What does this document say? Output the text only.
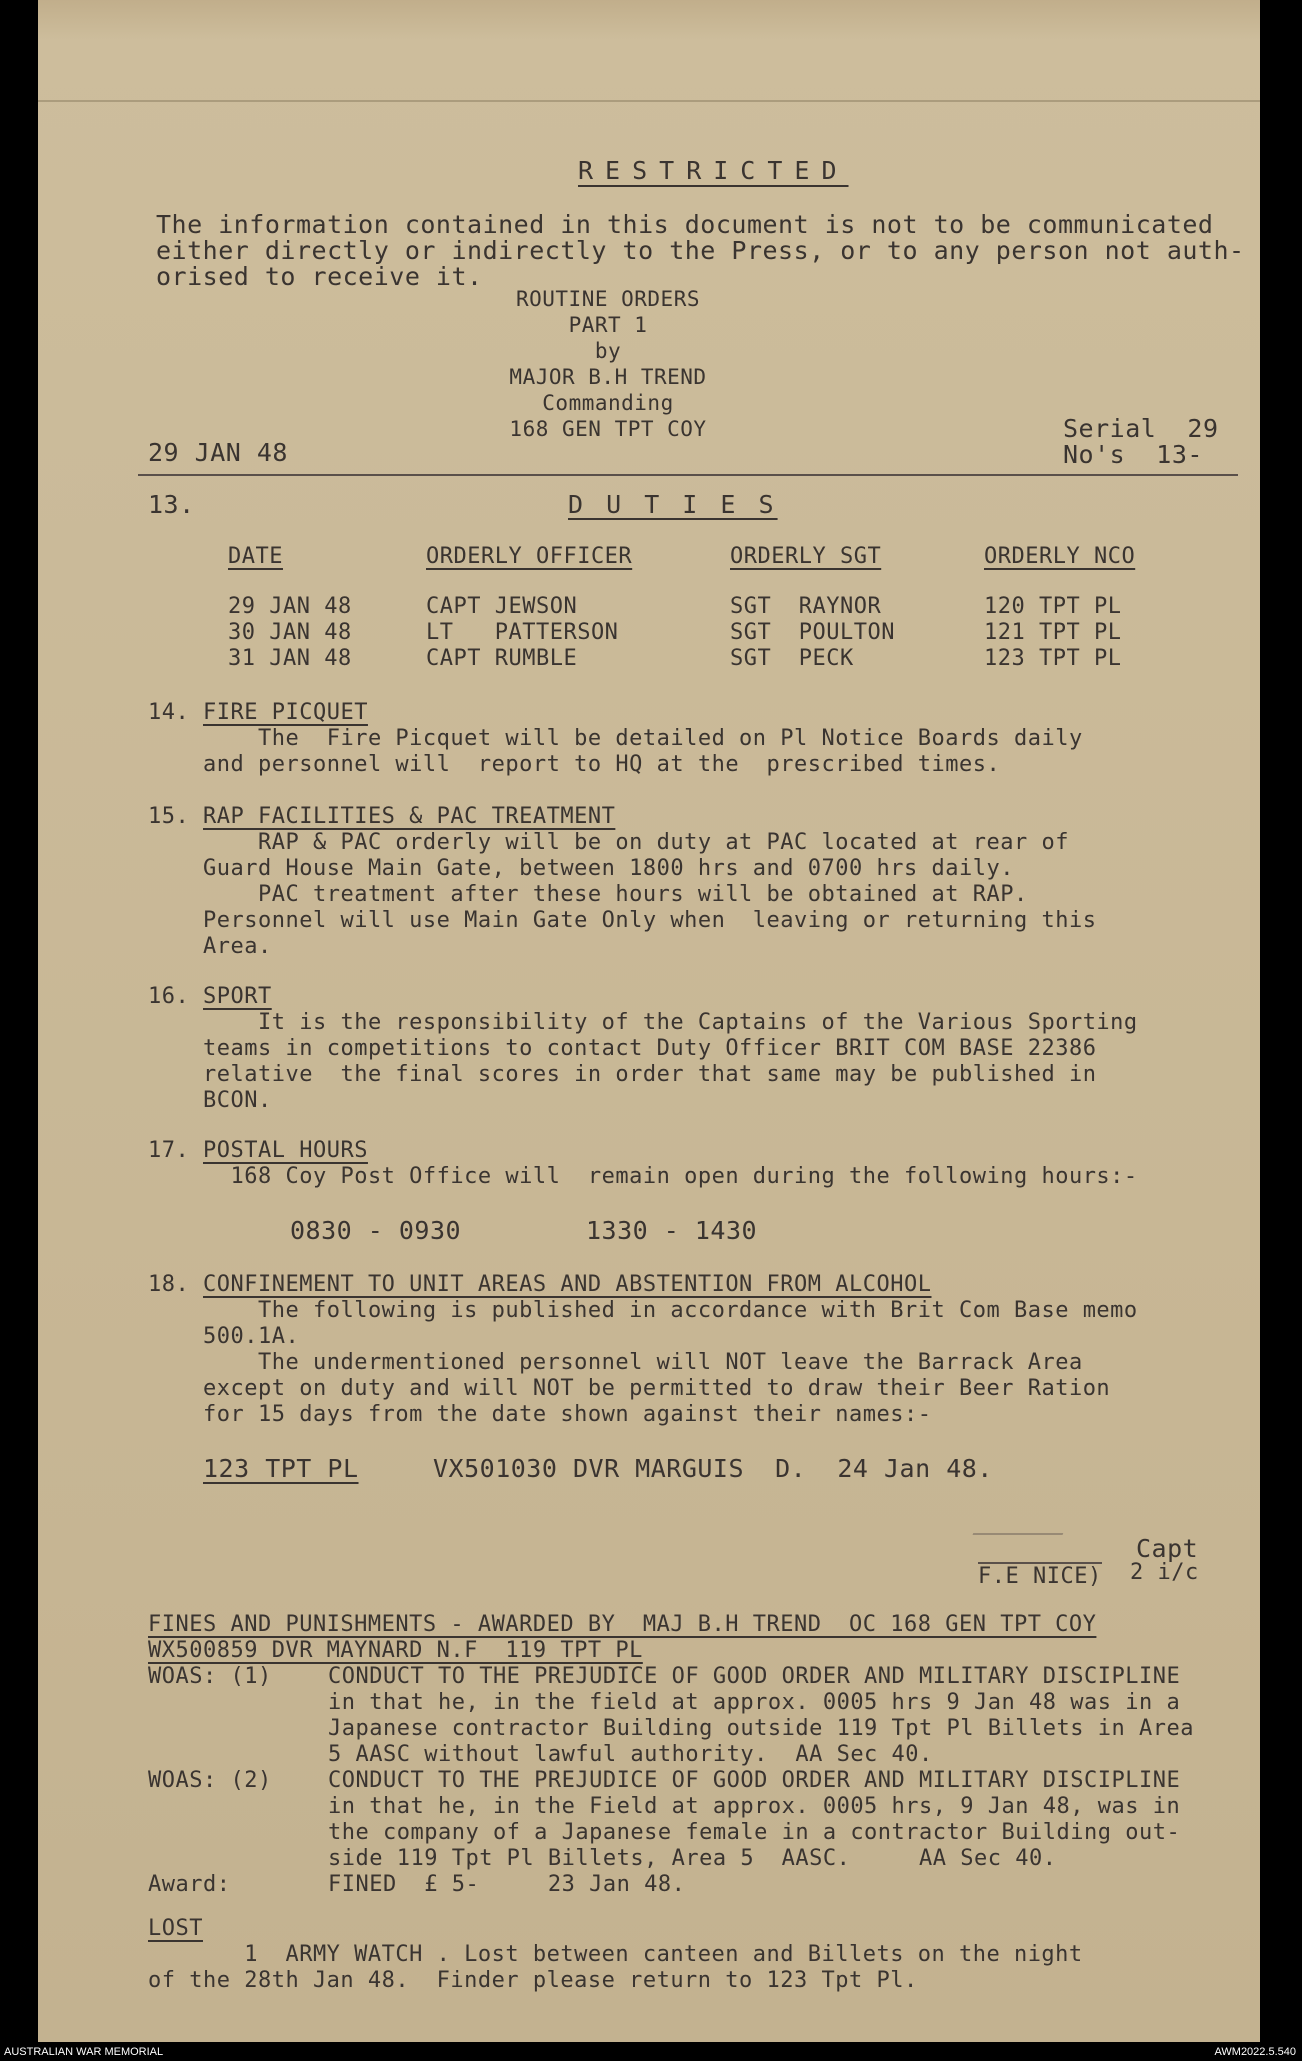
RESTRICTED
The information contained in this document is not to be communicated
either directly or indirectly to the Press, or to any person not auth-
orised to receive it.
ROUTINE ORDERS
PART 1
by
MAJOR B.H TREND
Commanding
168 GEN TPT COY
29 JAN 48
Serial  29
No's  13-
13.	D U T I E S
DATE	ORDERLY OFFICER	ORDERLY SGT	ORDERLY NCO
29 JAN 48	CAPT JEWSON	SGT  RAYNOR	120 TPT PL
30 JAN 48	LT   PATTERSON	SGT  POULTON	121 TPT PL
31 JAN 48	CAPT RUMBLE	SGT  PECK	123 TPT PL
14. FIRE PICQUET
The  Fire Picquet will be detailed on Pl Notice Boards daily
and personnel will  report to HQ at the  prescribed times.
15. RAP FACILITIES & PAC TREATMENT
RAP & PAC orderly will be on duty at PAC located at rear of
Guard House Main Gate, between 1800 hrs and 0700 hrs daily.
PAC treatment after these hours will be obtained at RAP.
Personnel will use Main Gate Only when  leaving or returning this
Area.
16. SPORT
It is the responsibility of the Captains of the Various Sporting
teams in competitions to contact Duty Officer BRIT COM BASE 22386
relative  the final scores in order that same may be published in
BCON.
17. POSTAL HOURS
168 Coy Post Office will  remain open during the following hours:-
0830 - 0930	1330 - 1430
18. CONFINEMENT TO UNIT AREAS AND ABSTENTION FROM ALCOHOL
The following is published in accordance with Brit Com Base memo
500.1A.
The undermentioned personnel will NOT leave the Barrack Area
except on duty and will NOT be permitted to draw their Beer Ration
for 15 days from the date shown against their names:-
123 TPT PL	VX501030 DVR MARGUIS  D.  24 Jan 48.
Capt
F.E NICE) 2 i/c
FINES AND PUNISHMENTS - AWARDED BY  MAJ B.H TREND  OC 168 GEN TPT COY
WX500859 DVR MAYNARD N.F  119 TPT PL
WOAS: (1)	CONDUCT TO THE PREJUDICE OF GOOD ORDER AND MILITARY DISCIPLINE
in that he, in the field at approx. 0005 hrs 9 Jan 48 was in a
Japanese contractor Building outside 119 Tpt Pl Billets in Area
5 AASC without lawful authority.  AA Sec 40.
WOAS: (2)	CONDUCT TO THE PREJUDICE OF GOOD ORDER AND MILITARY DISCIPLINE
in that he, in the Field at approx. 0005 hrs, 9 Jan 48, was in
the company of a Japanese female in a contractor Building out-
side 119 Tpt Pl Billets, Area 5  AASC.     AA Sec 40.
Award:	FINED  £ 5-     23 Jan 48.
LOST
1  ARMY WATCH . Lost between canteen and Billets on the night
of the 28th Jan 48.  Finder please return to 123 Tpt Pl.
AUSTRALIAN WAR MEMORIAL	AWM2022.5.540
